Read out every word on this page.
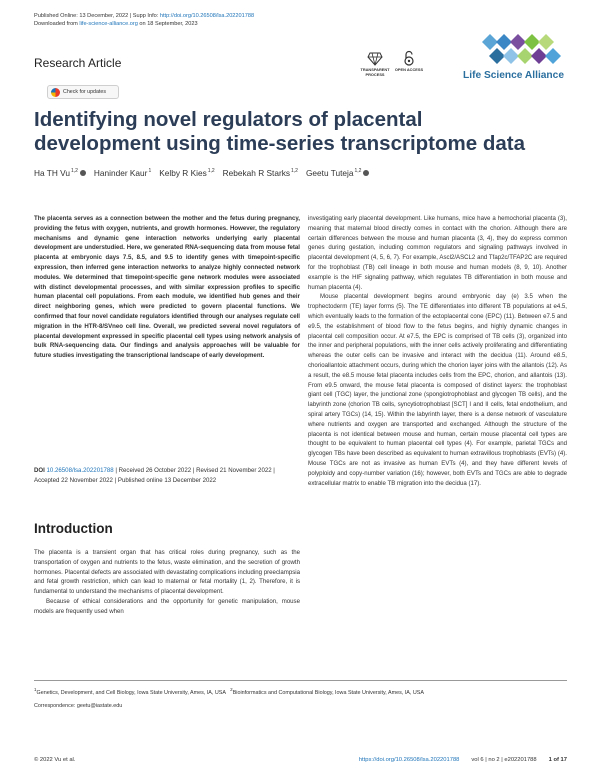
Published Online: 13 December, 2022 | Supp Info: http://doi.org/10.26508/lsa.202201788
Downloaded from life-science-alliance.org on 18 September, 2023
Research Article
Check for updates
TRANSPARENT PROCESS
OPEN ACCESS
Life Science Alliance
Identifying novel regulators of placental development using time-series transcriptome data
Ha TH Vu$^{1,2}$ Haninder Kaur$^1$ Kelby R Kies$^{1,2}$ Rebekah R Starks$^{1,2}$ Geetu Tuteja$^{1,2}$

The placenta serves as a connection between the mother and the fetus during pregnancy, providing the fetus with oxygen, nutrients, and growth hormones. However, the regulatory mechanisms and dynamic gene interaction networks underlying early placental development are understudied. Here, we generated RNA-sequencing data from mouse fetal placenta at embryonic days 7.5, 8.5, and 9.5 to identify genes with timepoint-specific expression, then inferred gene interaction networks to analyze highly connected network modules. We determined that timepoint-specific gene network modules were associated with distinct developmental processes, and with similar expression profiles to specific human placental cell populations. From each module, we identified hub genes and their direct neighboring genes, which were predicted to govern placental functions. We confirmed that four novel candidate regulators identified through our analyses regulate cell migration in the HTR-8/SVneo cell line. Overall, we predicted several novel regulators of placental development expressed in specific placental cell types using network analysis of bulk RNA-sequencing data. Our findings and analysis approaches will be valuable for future studies investigating the transcriptional landscape of early development.

DOI 10.26508/lsa.202201788 | Received 26 October 2022 | Revised 21 November 2022 | Accepted 22 November 2022 | Published online 13 December 2022

Introduction

The placenta is a transient organ that has critical roles during pregnancy, such as the transportation of oxygen and nutrients to the fetus, waste elimination, and the secretion of growth hormones. Placental defects are associated with devastating complications including preeclampsia and fetal growth restriction, which can lead to maternal or fetal mortality (1, 2). Therefore, it is fundamental to understand the mechanisms of placental development.

Because of ethical considerations and the opportunity for genetic manipulation, mouse models are frequently used when

investigating early placental development. Like humans, mice have a hemochorial placenta (3), meaning that maternal blood directly comes in contact with the chorion. Although there are certain differences between the mouse and human placenta (3, 4), they do express common genes during gestation, including common regulators and signaling pathways involved in placental development (4, 5, 6, 7). For example, Ascl2/ASCL2 and Tfap2c/TFAP2C are required for the trophoblast (TB) cell lineage in both mouse and human models (8, 9, 10). Another example is the HIF signaling pathway, which regulates TB differentiation in both mouse and human placenta (4).

Mouse placental development begins around embryonic day (e) 3.5 when the trophectoderm (TE) layer forms (5). The TE differentiates into different TB populations at e4.5, which eventually leads to the formation of the ectoplacental cone (EPC) (11). Between e7.5 and e9.5, the establishment of blood flow to the fetus begins, and highly dynamic changes in placental cell composition occur. At e7.5, the EPC is comprised of TB cells (3), organized into the inner and peripheral populations, with the inner cells actively proliferating and differentiating whereas the outer cells can be invasive and interact with the decidua (11). Around e8.5, chorioallantoic attachment occurs, during which the chorion layer joins with the allantois (12). As a result, the e8.5 mouse fetal placenta includes cells from the EPC, chorion, and allantois (13). From e9.5 onward, the mouse fetal placenta is composed of distinct layers: the trophoblast giant cell (TGC) layer, the junctional zone (spongiotrophoblast and glycogen TB cells), and the labyrinth zone (chorion TB cells, syncytiotrophoblast [SCT] I and II cells, fetal endothelium, and spiral artery TGCs) (14, 15). Within the labyrinth layer, there is a dense network of vasculature where nutrients and oxygen are transported and exchanged. Although the structure of the placenta is not identical between mouse and human, certain mouse placental cell types are thought to be equivalent to human placental cell types (4). For example, parietal TGCs and glycogen TBs have been described as equivalent to human extravillous trophoblasts (EVTs) (4). Mouse TGCs are not as invasive as human EVTs (4), and they have different levels of polyploidy and copy-number variation (16); however, both EVTs and TGCs are able to degrade extracellular matrix to enable TB migration into the decidua (17).

$^1$Genetics, Development, and Cell Biology, Iowa State University, Ames, IA, USA   $^2$Bioinformatics and Computational Biology, Iowa State University, Ames, IA, USA
Correspondence: geetu@iastate.edu
© 2022 Vu et al.	https://doi.org/10.26508/lsa.202201788 vol 6 | no 2 | e202201788 1 of 17
